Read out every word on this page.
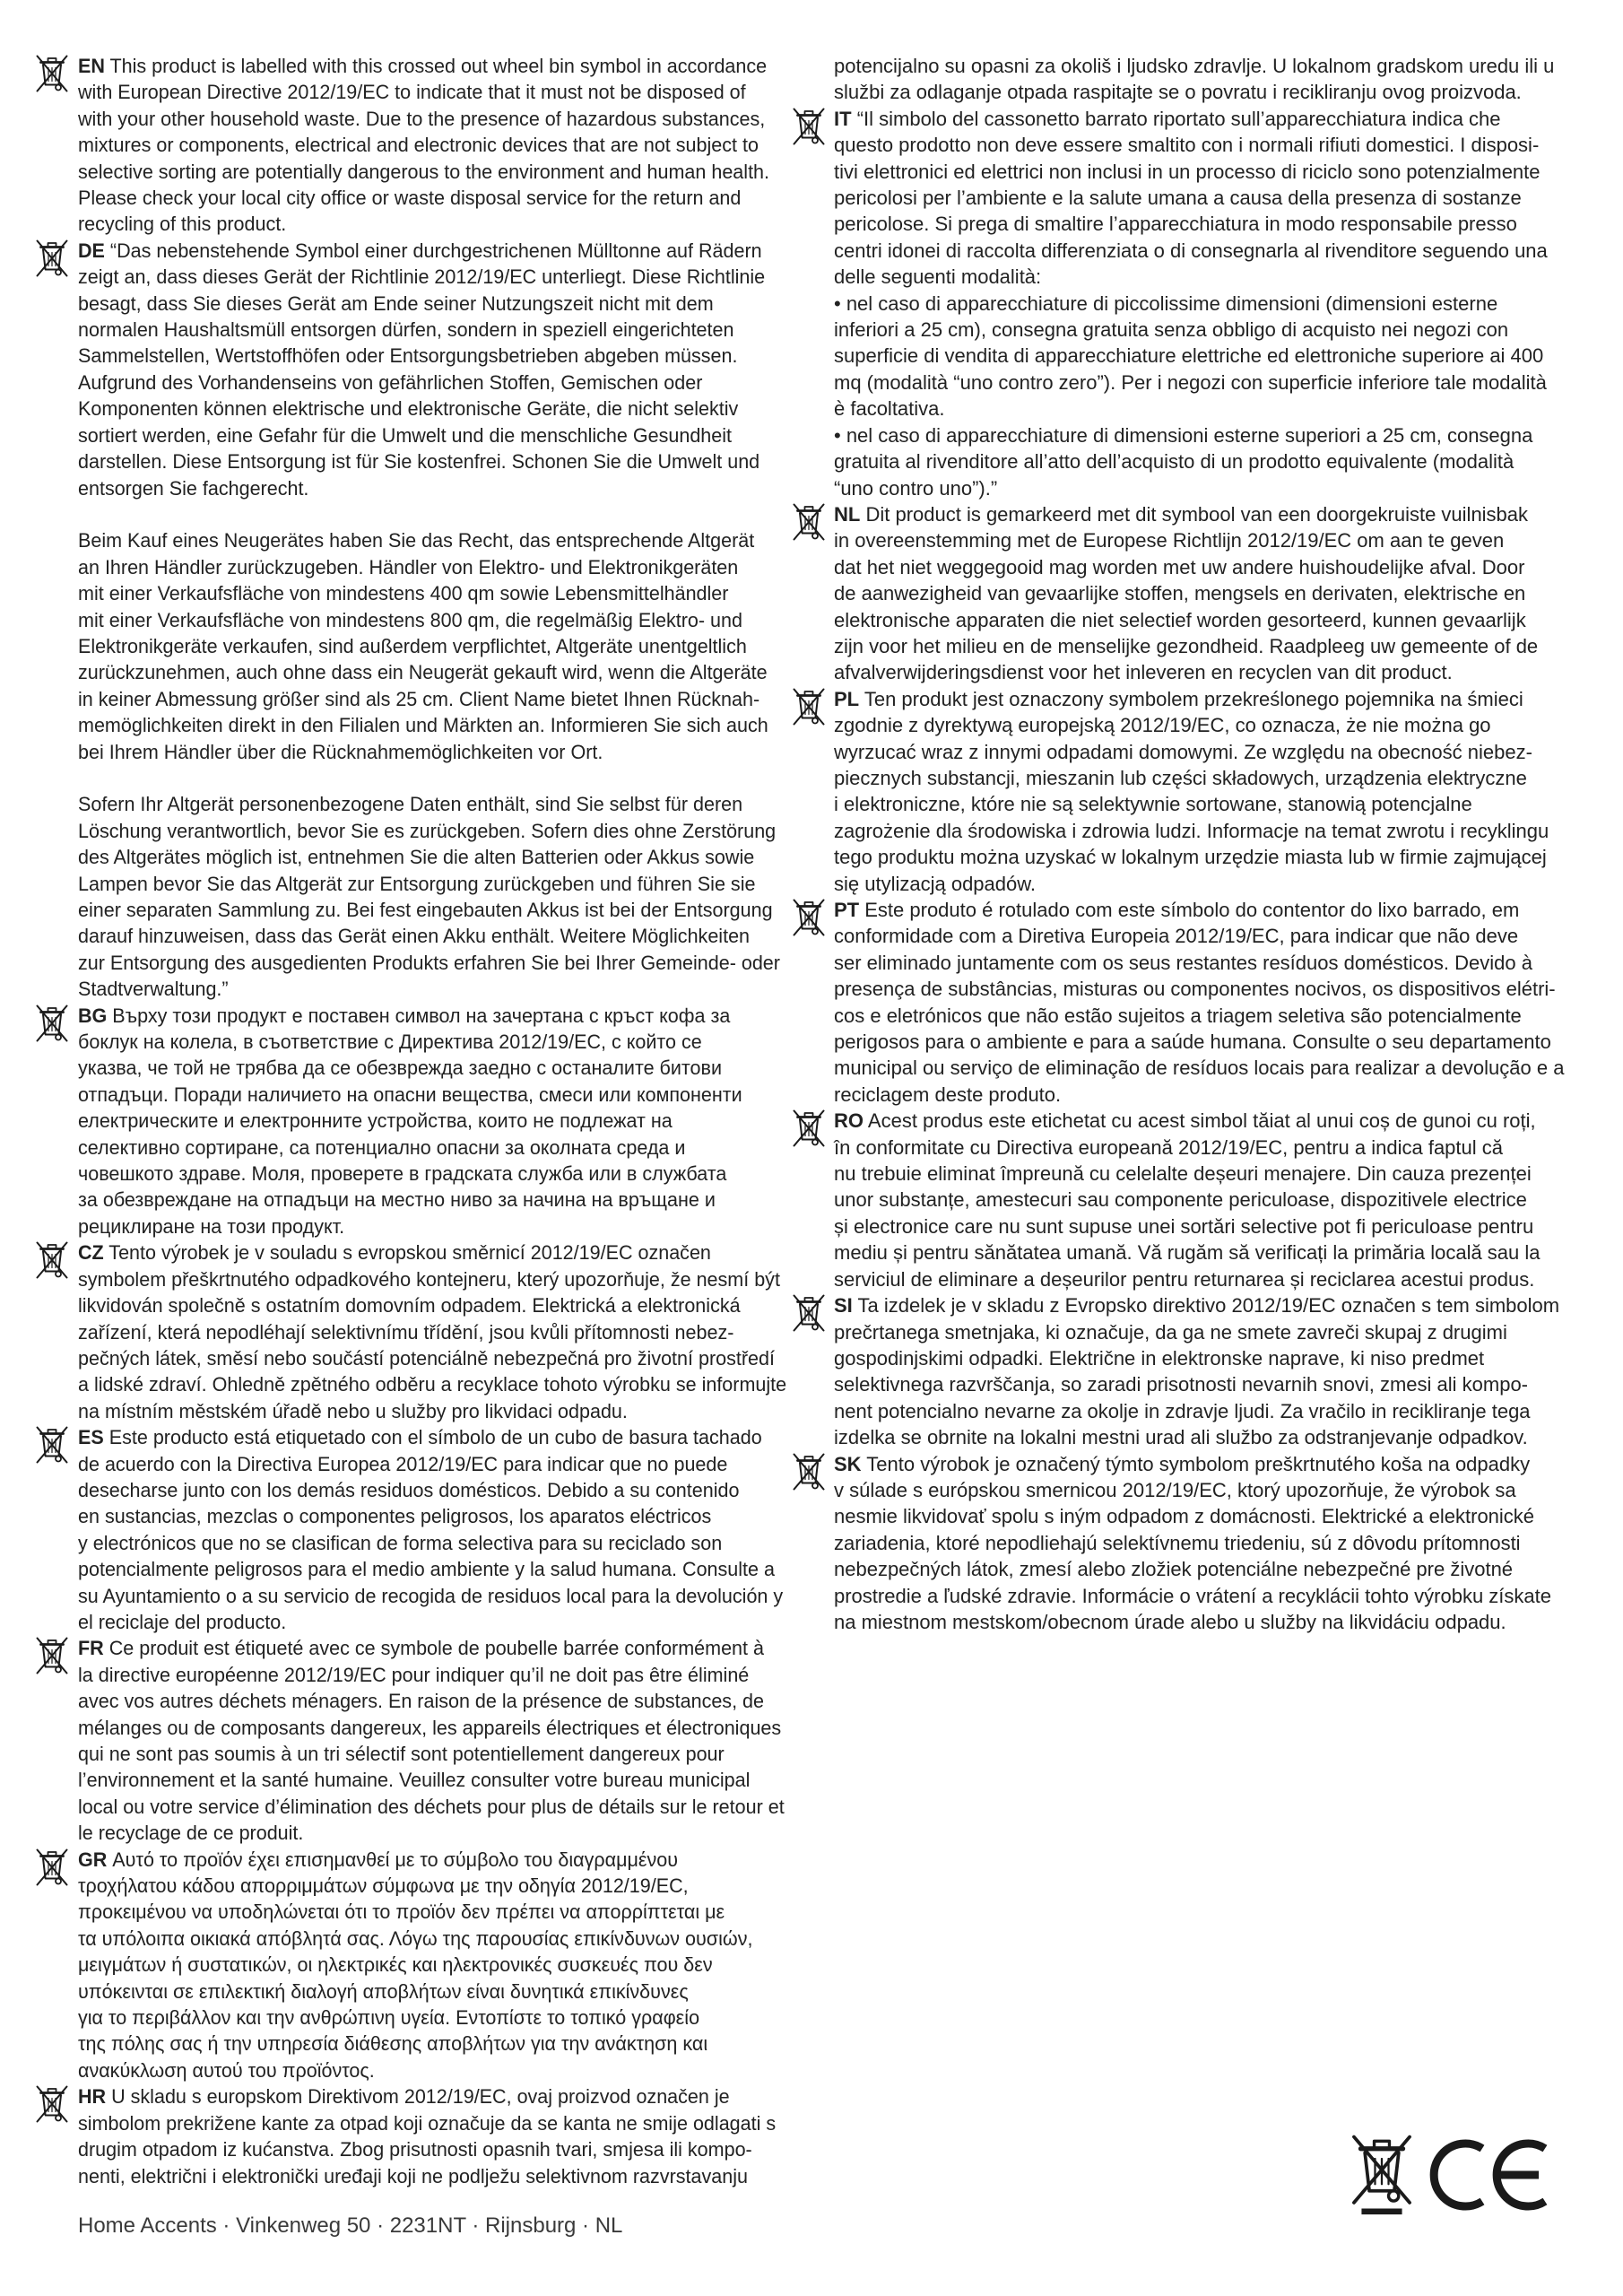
EN This product is labelled with this crossed out wheel bin symbol in accordance
with European Directive 2012/19/EC to indicate that it must not be disposed of
with your other household waste. Due to the presence of hazardous substances,
mixtures or components, electrical and electronic devices that are not subject to
selective sorting are potentially dangerous to the environment and human health.
Please check your local city office or waste disposal service for the return and
recycling of this product.
DE “Das nebenstehende Symbol einer durchgestrichenen Mülltonne auf Rädern
zeigt an, dass dieses Gerät der Richtlinie 2012/19/EC unterliegt. Diese Richtlinie
besagt, dass Sie dieses Gerät am Ende seiner Nutzungszeit nicht mit dem
normalen Haushaltsmüll entsorgen dürfen, sondern in speziell eingerichteten
Sammelstellen, Wertstoffhöfen oder Entsorgungsbetrieben abgeben müssen.
Aufgrund des Vorhandenseins von gefährlichen Stoffen, Gemischen oder
Komponenten können elektrische und elektronische Geräte, die nicht selektiv
sortiert werden, eine Gefahr für die Umwelt und die menschliche Gesundheit
darstellen. Diese Entsorgung ist für Sie kostenfrei. Schonen Sie die Umwelt und
entsorgen Sie fachgerecht.

Beim Kauf eines Neugerätes haben Sie das Recht, das entsprechende Altgerät
an Ihren Händler zurückzugeben. Händler von Elektro- und Elektronikgeräten
mit einer Verkaufsfläche von mindestens 400 qm sowie Lebensmittelhändler
mit einer Verkaufsfläche von mindestens 800 qm, die regelmäßig Elektro- und
Elektronikgeräte verkaufen, sind außerdem verpflichtet, Altgeräte unentgeltlich
zurückzunehmen, auch ohne dass ein Neugerät gekauft wird, wenn die Altgeräte
in keiner Abmessung größer sind als 25 cm. Client Name bietet Ihnen Rücknah-
memöglichkeiten direkt in den Filialen und Märkten an. Informieren Sie sich auch
bei Ihrem Händler über die Rücknahmemöglichkeiten vor Ort.

Sofern Ihr Altgerät personenbezogene Daten enthält, sind Sie selbst für deren
Löschung verantwortlich, bevor Sie es zurückgeben. Sofern dies ohne Zerstörung
des Altgerätes möglich ist, entnehmen Sie die alten Batterien oder Akkus sowie
Lampen bevor Sie das Altgerät zur Entsorgung zurückgeben und führen Sie sie
einer separaten Sammlung zu. Bei fest eingebauten Akkus ist bei der Entsorgung
darauf hinzuweisen, dass das Gerät einen Akku enthält. Weitere Möglichkeiten
zur Entsorgung des ausgedienten Produkts erfahren Sie bei Ihrer Gemeinde- oder
Stadtverwaltung.”
BG Върху този продукт е поставен символ на зачертана с кръст кофа за
боклук на колела, в съответствие с Директива 2012/19/EC, с който се
указва, че той не трябва да се обезврежда заедно с останалите битови
отпадъци. Поради наличието на опасни вещества, смеси или компоненти
електрическите и електронните устройства, които не подлежат на
селективно сортиране, са потенциално опасни за околната среда и
човешкото здраве. Моля, проверете в градската служба или в службата
за обезвреждане на отпадъци на местно ниво за начина на връщане и
рециклиране на този продукт.
CZ Tento výrobek je v souladu s evropskou směrnicí 2012/19/EC označen
symbolem přeškrtnutého odpadkového kontejneru, který upozorňuje, že nesmí být
likvidován společně s ostatním domovním odpadem. Elektrická a elektronická
zařízení, která nepodléhají selektivnímu třídění, jsou kvůli přítomnosti nebez-
pečných látek, směsí nebo součástí potenciálně nebezpečná pro životní prostředí
a lidské zdraví. Ohledně zpětného odběru a recyklace tohoto výrobku se informujte
na místním městském úřadě nebo u služby pro likvidaci odpadu.
ES Este producto está etiquetado con el símbolo de un cubo de basura tachado
de acuerdo con la Directiva Europea 2012/19/EC para indicar que no puede
desecharse junto con los demás residuos domésticos. Debido a su contenido
en sustancias, mezclas o componentes peligrosos, los aparatos eléctricos
y electrónicos que no se clasifican de forma selectiva para su reciclado son
potencialmente peligrosos para el medio ambiente y la salud humana. Consulte a
su Ayuntamiento o a su servicio de recogida de residuos local para la devolución y
el reciclaje del producto.
FR Ce produit est étiqueté avec ce symbole de poubelle barrée conformément à
la directive européenne 2012/19/EC pour indiquer qu’il ne doit pas être éliminé
avec vos autres déchets ménagers. En raison de la présence de substances, de
mélanges ou de composants dangereux, les appareils électriques et électroniques
qui ne sont pas soumis à un tri sélectif sont potentiellement dangereux pour
l’environnement et la santé humaine. Veuillez consulter votre bureau municipal
local ou votre service d’élimination des déchets pour plus de détails sur le retour et
le recyclage de ce produit.
GR Αυτό το προϊόν έχει επισημανθεί με το σύμβολο του διαγραμμένου
τροχήλατου κάδου απορριμμάτων σύμφωνα με την οδηγία 2012/19/EC,
προκειμένου να υποδηλώνεται ότι το προϊόν δεν πρέπει να απορρίπτεται με
τα υπόλοιπα οικιακά απόβλητά σας. Λόγω της παρουσίας επικίνδυνων ουσιών,
μειγμάτων ή συστατικών, οι ηλεκτρικές και ηλεκτρονικές συσκευές που δεν
υπόκεινται σε επιλεκτική διαλογή αποβλήτων είναι δυνητικά επικίνδυνες
για το περιβάλλον και την ανθρώπινη υγεία. Εντοπίστε το τοπικό γραφείο
της πόλης σας ή την υπηρεσία διάθεσης αποβλήτων για την ανάκτηση και
ανακύκλωση αυτού του προϊόντος.
HR U skladu s europskom Direktivom 2012/19/EC, ovaj proizvod označen je
simbolom prekrižene kante za otpad koji označuje da se kanta ne smije odlagati s
drugim otpadom iz kućanstva. Zbog prisutnosti opasnih tvari, smjesa ili kompo-
nenti, električni i elektronički uređaji koji ne podlježu selektivnom razvrstavanju
potencijalno su opasni za okoliš i ljudsko zdravlje. U lokalnom gradskom uredu ili u
službi za odlaganje otpada raspitajte se o povratu i recikliranju ovog proizvoda.
IT “Il simbolo del cassonetto barrato riportato sull’apparecchiatura indica che
questo prodotto non deve essere smaltito con i normali rifiuti domestici. I disposi-
tivi elettronici ed elettrici non inclusi in un processo di riciclo sono potenzialmente
pericolosi per l’ambiente e la salute umana a causa della presenza di sostanze
pericolose. Si prega di smaltire l’apparecchiatura in modo responsabile presso
centri idonei di raccolta differenziata o di consegnarla al rivenditore seguendo una
delle seguenti modalità:
• nel caso di apparecchiature di piccolissime dimensioni (dimensioni esterne
inferiori a 25 cm), consegna gratuita senza obbligo di acquisto nei negozi con
superficie di vendita di apparecchiature elettriche ed elettroniche superiore ai 400
mq (modalità “uno contro zero”). Per i negozi con superficie inferiore tale modalità
è facoltativa.
• nel caso di apparecchiature di dimensioni esterne superiori a 25 cm, consegna
gratuita al rivenditore all’atto dell’acquisto di un prodotto equivalente (modalità
“uno contro uno”).”
NL Dit product is gemarkeerd met dit symbool van een doorgekruiste vuilnisbak
in overeenstemming met de Europese Richtlijn 2012/19/EC om aan te geven
dat het niet weggegooid mag worden met uw andere huishoudelijke afval. Door
de aanwezigheid van gevaarlijke stoffen, mengsels en derivaten, elektrische en
elektronische apparaten die niet selectief worden gesorteerd, kunnen gevaarlijk
zijn voor het milieu en de menselijke gezondheid. Raadpleeg uw gemeente of de
afvalverwijderingsdienst voor het inleveren en recyclen van dit product.
PL Ten produkt jest oznaczony symbolem przekreślonego pojemnika na śmieci
zgodnie z dyrektywą europejską 2012/19/EC, co oznacza, że nie można go
wyrzucać wraz z innymi odpadami domowymi. Ze względu na obecność niebez-
piecznych substancji, mieszanin lub części składowych, urządzenia elektryczne
i elektroniczne, które nie są selektywnie sortowane, stanowią potencjalne
zagrożenie dla środowiska i zdrowia ludzi. Informacje na temat zwrotu i recyklingu
tego produktu można uzyskać w lokalnym urzędzie miasta lub w firmie zajmującej
się utylizacją odpadów.
PT Este produto é rotulado com este símbolo do contentor do lixo barrado, em
conformidade com a Diretiva Europeia 2012/19/EC, para indicar que não deve
ser eliminado juntamente com os seus restantes resíduos domésticos. Devido à
presença de substâncias, misturas ou componentes nocivos, os dispositivos elétri-
cos e eletrónicos que não estão sujeitos a triagem seletiva são potencialmente
perigosos para o ambiente e para a saúde humana. Consulte o seu departamento
municipal ou serviço de eliminação de resíduos locais para realizar a devolução e a
reciclagem deste produto.
RO Acest produs este etichetat cu acest simbol tăiat al unui coș de gunoi cu roți,
în conformitate cu Directiva europeană 2012/19/EC, pentru a indica faptul că
nu trebuie eliminat împreună cu celelalte deșeuri menajere. Din cauza prezenței
unor substanțe, amestecuri sau componente periculoase, dispozitivele electrice
și electronice care nu sunt supuse unei sortări selective pot fi periculoase pentru
mediu și pentru sănătatea umană. Vă rugăm să verificați la primăria locală sau la
serviciul de eliminare a deșeurilor pentru returnarea și reciclarea acestui produs.
SI Ta izdelek je v skladu z Evropsko direktivo 2012/19/EC označen s tem simbolom
prečrtanega smetnjaka, ki označuje, da ga ne smete zavreči skupaj z drugimi
gospodinjskimi odpadki. Električne in elektronske naprave, ki niso predmet
selektivnega razvrščanja, so zaradi prisotnosti nevarnih snovi, zmesi ali kompo-
nent potencialno nevarne za okolje in zdravje ljudi. Za vračilo in recikliranje tega
izdelka se obrnite na lokalni mestni urad ali službo za odstranjevanje odpadkov.
SK Tento výrobok je označený týmto symbolom preškrtnutého koša na odpadky
v súlade s európskou smernicou 2012/19/EC, ktorý upozorňuje, že výrobok sa
nesmie likvidovať spolu s iným odpadom z domácnosti. Elektrické a elektronické
zariadenia, ktoré nepodliehajú selektívnemu triedeniu, sú z dôvodu prítomnosti
nebezpečných látok, zmesí alebo zložiek potenciálne nebezpečné pre životné
prostredie a ľudské zdravie. Informácie o vrátení a recyklácii tohto výrobku získate
na miestnom mestskom/obecnom úrade alebo u služby na likvidáciu odpadu.
Home Accents · Vinkenweg 50 · 2231NT · Rijnsburg · NL
